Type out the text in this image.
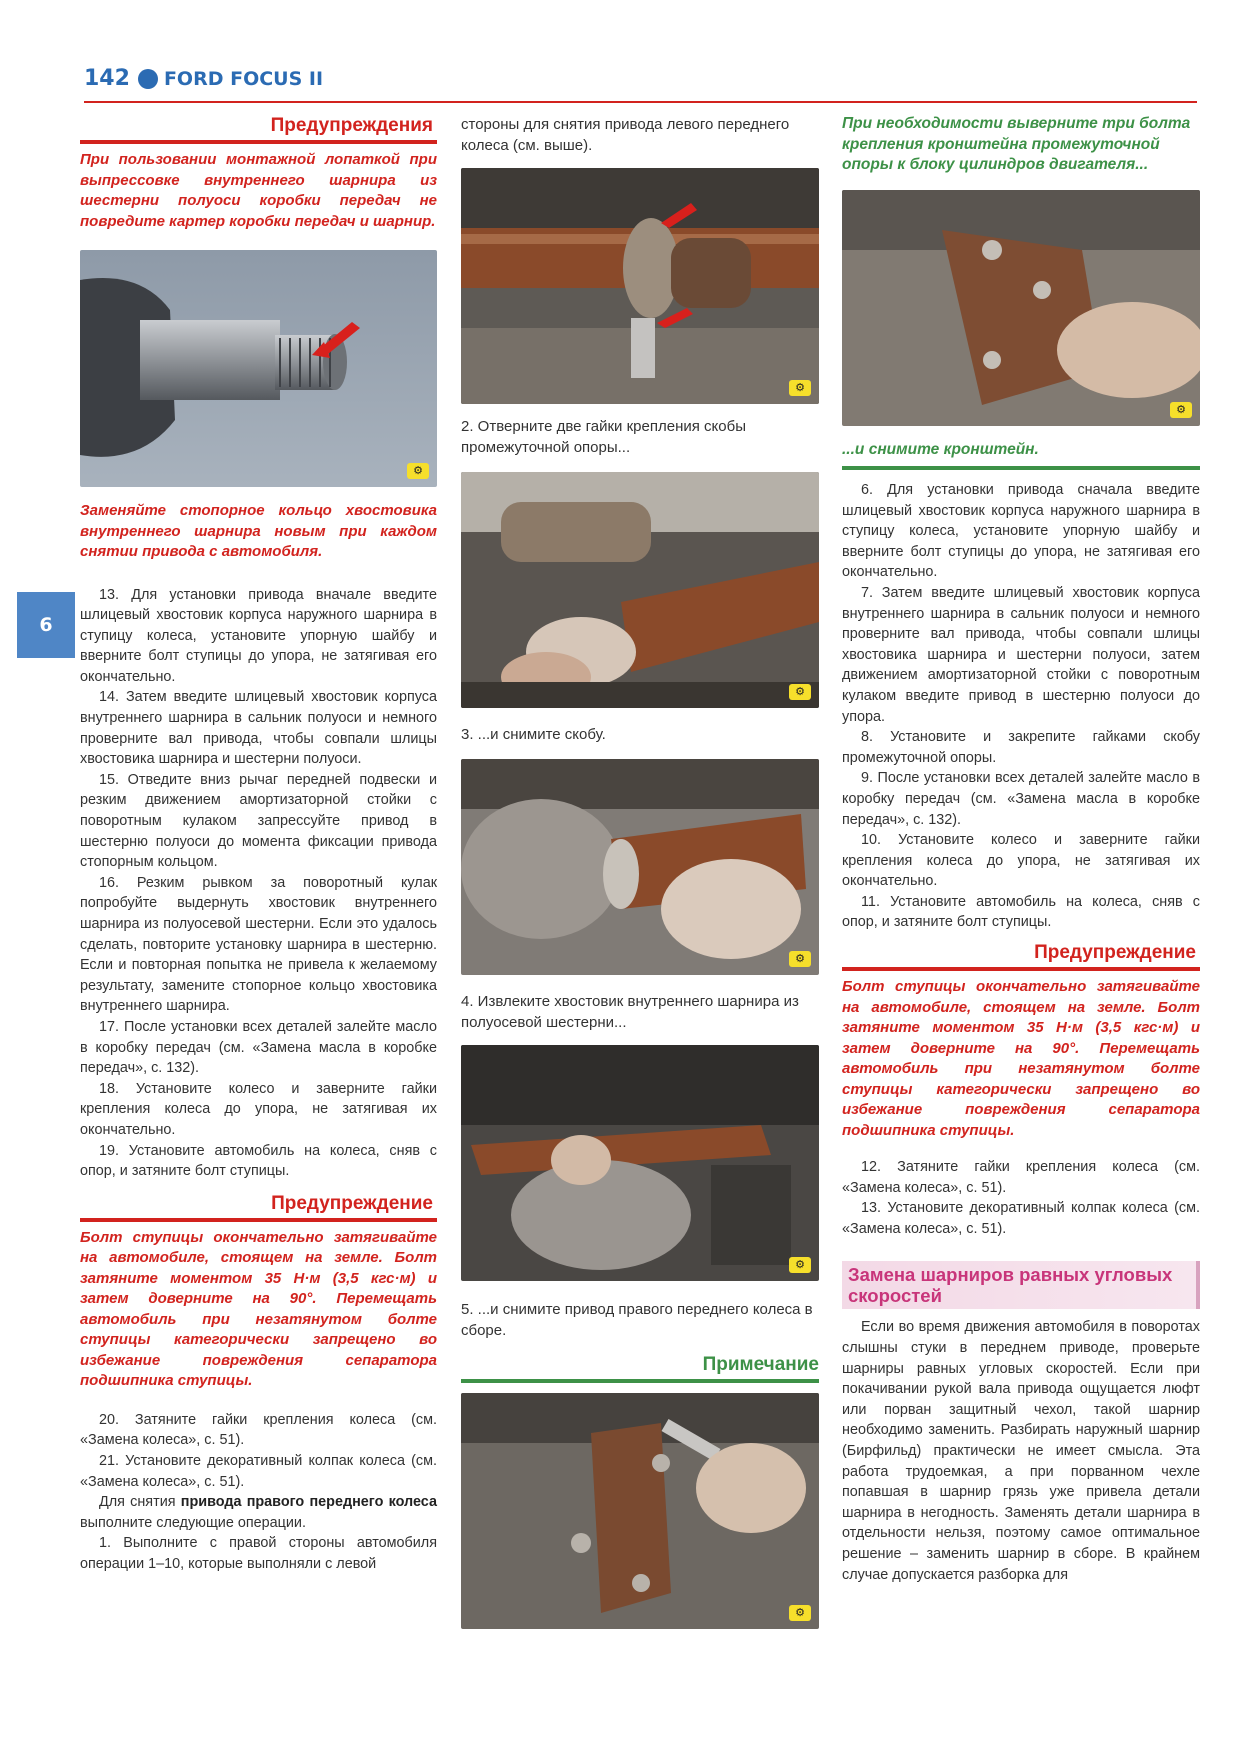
142 FORD FOCUS II
6
Предупреждения

При пользовании монтажной лопаткой при выпрессовке внутреннего шарнира из шестерни полуоси коробки передач не повредите картер коробки передач и шарнир.

⚙

Заменяйте стопорное кольцо хвостовика внутреннего шарнира новым при каждом снятии привода с автомобиля.

13. Для установки привода вначале введите шлицевый хвостовик корпуса наружного шарнира в ступицу колеса, установите упорную шайбу и вверните болт ступицы до упора, не затягивая его окончательно.

14. Затем введите шлицевый хвостовик корпуса внутреннего шарнира в сальник полуоси и немного проверните вал привода, чтобы совпали шлицы хвостовика шарнира и шестерни полуоси.

15. Отведите вниз рычаг передней подвески и резким движением амортизаторной стойки с поворотным кулаком запрессуйте привод в шестерню полуоси до момента фиксации привода стопорным кольцом.

16. Резким рывком за поворотный кулак попробуйте выдернуть хвостовик внутреннего шарнира из полуосевой шестерни. Если это удалось сделать, повторите установку шарнира в шестерню. Если и повторная попытка не привела к желаемому результату, замените стопорное кольцо хвостовика внутреннего шарнира.

17. После установки всех деталей залейте масло в коробку передач (см. «Замена масла в коробке передач», с. 132).

18. Установите колесо и заверните гайки крепления колеса до упора, не затягивая их окончательно.

19. Установите автомобиль на колеса, сняв с опор, и затяните болт ступицы.

Предупреждение

Болт ступицы окончательно затягивайте на автомобиле, стоящем на земле. Болт затяните моментом 35 Н·м (3,5 кгс·м) и затем доверните на 90°. Перемещать автомобиль при незатянутом болте ступицы категорически запрещено во избежание повреждения сепаратора подшипника ступицы.

20. Затяните гайки крепления колеса (см. «Замена колеса», с. 51).

21. Установите декоративный колпак колеса (см. «Замена колеса», с. 51).

Для снятия привода правого переднего колеса выполните следующие операции.

1. Выполните с правой стороны автомобиля операции 1–10, которые выполняли с левой

стороны для снятия привода левого переднего колеса (см. выше).

⚙

2. Отверните две гайки крепления скобы промежуточной опоры...

⚙

3. ...и снимите скобу.

⚙

4. Извлеките хвостовик внутреннего шарнира из полуосевой шестерни...

⚙

5. ...и снимите привод правого переднего колеса в сборе.

Примечание
⚙

При необходимости выверните три болта крепления кронштейна промежуточной опоры к блоку цилиндров двигателя...

⚙

...и снимите кронштейн.

6. Для установки привода сначала введите шлицевый хвостовик корпуса наружного шарнира в ступицу колеса, установите упорную шайбу и вверните болт ступицы до упора, не затягивая его окончательно.

7. Затем введите шлицевый хвостовик корпуса внутреннего шарнира в сальник полуоси и немного проверните вал привода, чтобы совпали шлицы хвостовика шарнира и шестерни полуоси, затем движением амортизаторной стойки с поворотным кулаком введите привод в шестерню полуоси до упора.

8. Установите и закрепите гайками скобу промежуточной опоры.

9. После установки всех деталей залейте масло в коробку передач (см. «Замена масла в коробке передач», с. 132).

10. Установите колесо и заверните гайки крепления колеса до упора, не затягивая их окончательно.

11. Установите автомобиль на колеса, сняв с опор, и затяните болт ступицы.

Предупреждение

Болт ступицы окончательно затягивайте на автомобиле, стоящем на земле. Болт затяните моментом 35 Н·м (3,5 кгс·м) и затем доверните на 90°. Перемещать автомобиль при незатянутом болте ступицы категорически запрещено во избежание повреждения сепаратора подшипника ступицы.

12. Затяните гайки крепления колеса (см. «Замена колеса», с. 51).

13. Установите декоративный колпак колеса (см. «Замена колеса», с. 51).

Замена шарниров равных угловых скоростей

Если во время движения автомобиля в поворотах слышны стуки в переднем приводе, проверьте шарниры равных угловых скоростей. Если при покачивании рукой вала привода ощущается люфт или порван защитный чехол, такой шарнир необходимо заменить. Разбирать наружный шарнир (Бирфильд) практически не имеет смысла. Эта работа трудоемкая, а при порванном чехле попавшая в шарнир грязь уже привела детали шарнира в негодность. Заменять детали шарнира в отдельности нельзя, поэтому самое оптимальное решение – заменить шарнир в сборе. В крайнем случае допускается разборка для
